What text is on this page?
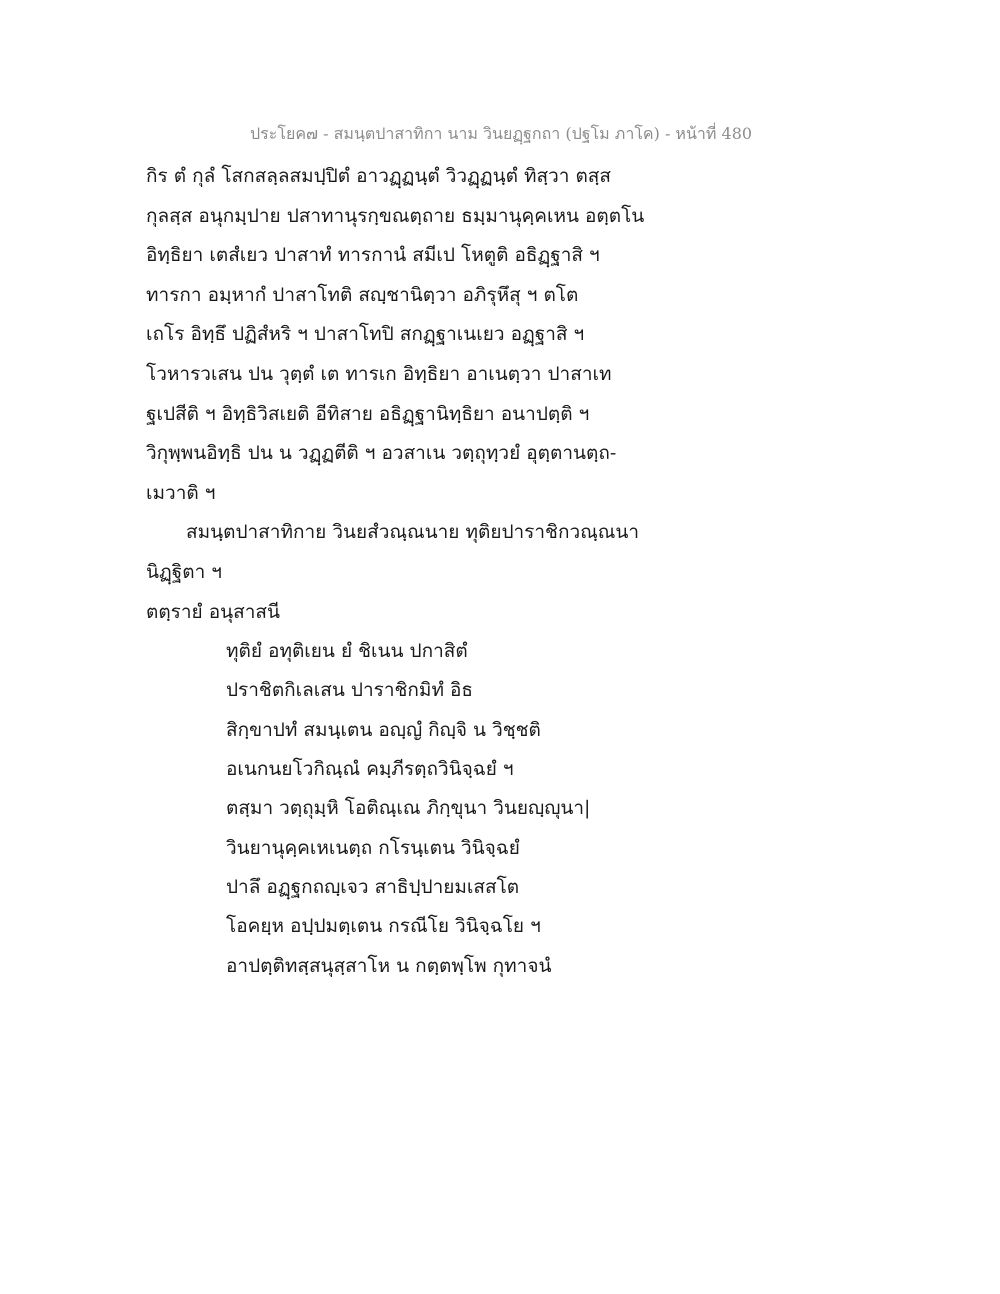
ประโยค๗ - สมนฺตปาสาทิกา นาม วินยฏฺฐกถา (ปฐโม ภาโค) - หน้าที่ 480

กิร ตํ กุลํ โสกสลฺลสมปฺปิตํ อาวฏฺฏนฺตํ วิวฏฺฏนฺตํ ทิสฺวา ตสฺส

กุลสฺส อนุกมฺปาย ปสาทานุรกฺขณตฺถาย ธมฺมานุคฺคเหน อตฺตโน

อิทฺธิยา เตสํเยว ปาสาทํ ทารกานํ สมีเป โหตูติ อธิฏฺฐาสิ ฯ

ทารกา อมฺหากํ ปาสาโทติ สญฺชานิตฺวา อภิรุหึสุ ฯ ตโต

เถโร อิทฺธึ ปฏิสํหริ ฯ ปาสาโทปิ สกฏฺฐาเนเยว อฏฺฐาสิ ฯ

โวหารวเสน ปน วุตฺตํ เต ทารเก อิทฺธิยา อาเนตฺวา ปาสาเท

ฐเปสีติ ฯ อิทฺธิวิสเยติ อีทิสาย อธิฏฺฐานิทฺธิยา อนาปตฺติ ฯ

วิกุพฺพนอิทฺธิ ปน น วฏฺฏตีติ ฯ อวสาเน วตฺถุทฺวยํ อุตฺตานตฺถ-

เมวาติ ฯ

สมนฺตปาสาทิกาย วินยสํวณฺณนาย ทุติยปาราชิกวณฺณนา

นิฏฺฐิตา ฯ

ตตฺรายํ อนุสาสนี

ทุติยํ อทุติเยน ยํ ชิเนน ปกาสิตํ

ปราชิตกิเลเสน ปาราชิกมิทํ อิธ

สิกฺขาปทํ สมนฺเตน อญฺญํ กิญฺจิ น วิชฺชติ

อเนกนยโวกิณฺณํ คมฺภีรตฺถวินิจฺฉยํ ฯ

ตสฺมา วตฺถุมฺหิ โอติณฺเณ ภิกฺขุนา วินยญฺญุนา|

วินยานุคฺคเหเนตฺถ กโรนฺเตน วินิจฺฉยํ

ปาลึ อฏฺฐกถญฺเจว สาธิปฺปายมเสสโต

โอคยฺห อปฺปมตฺเตน กรณีโย วินิจฺฉโย ฯ

อาปตฺติทสฺสนุสฺสาโห น กตฺตพฺโพ กุทาจนํ
